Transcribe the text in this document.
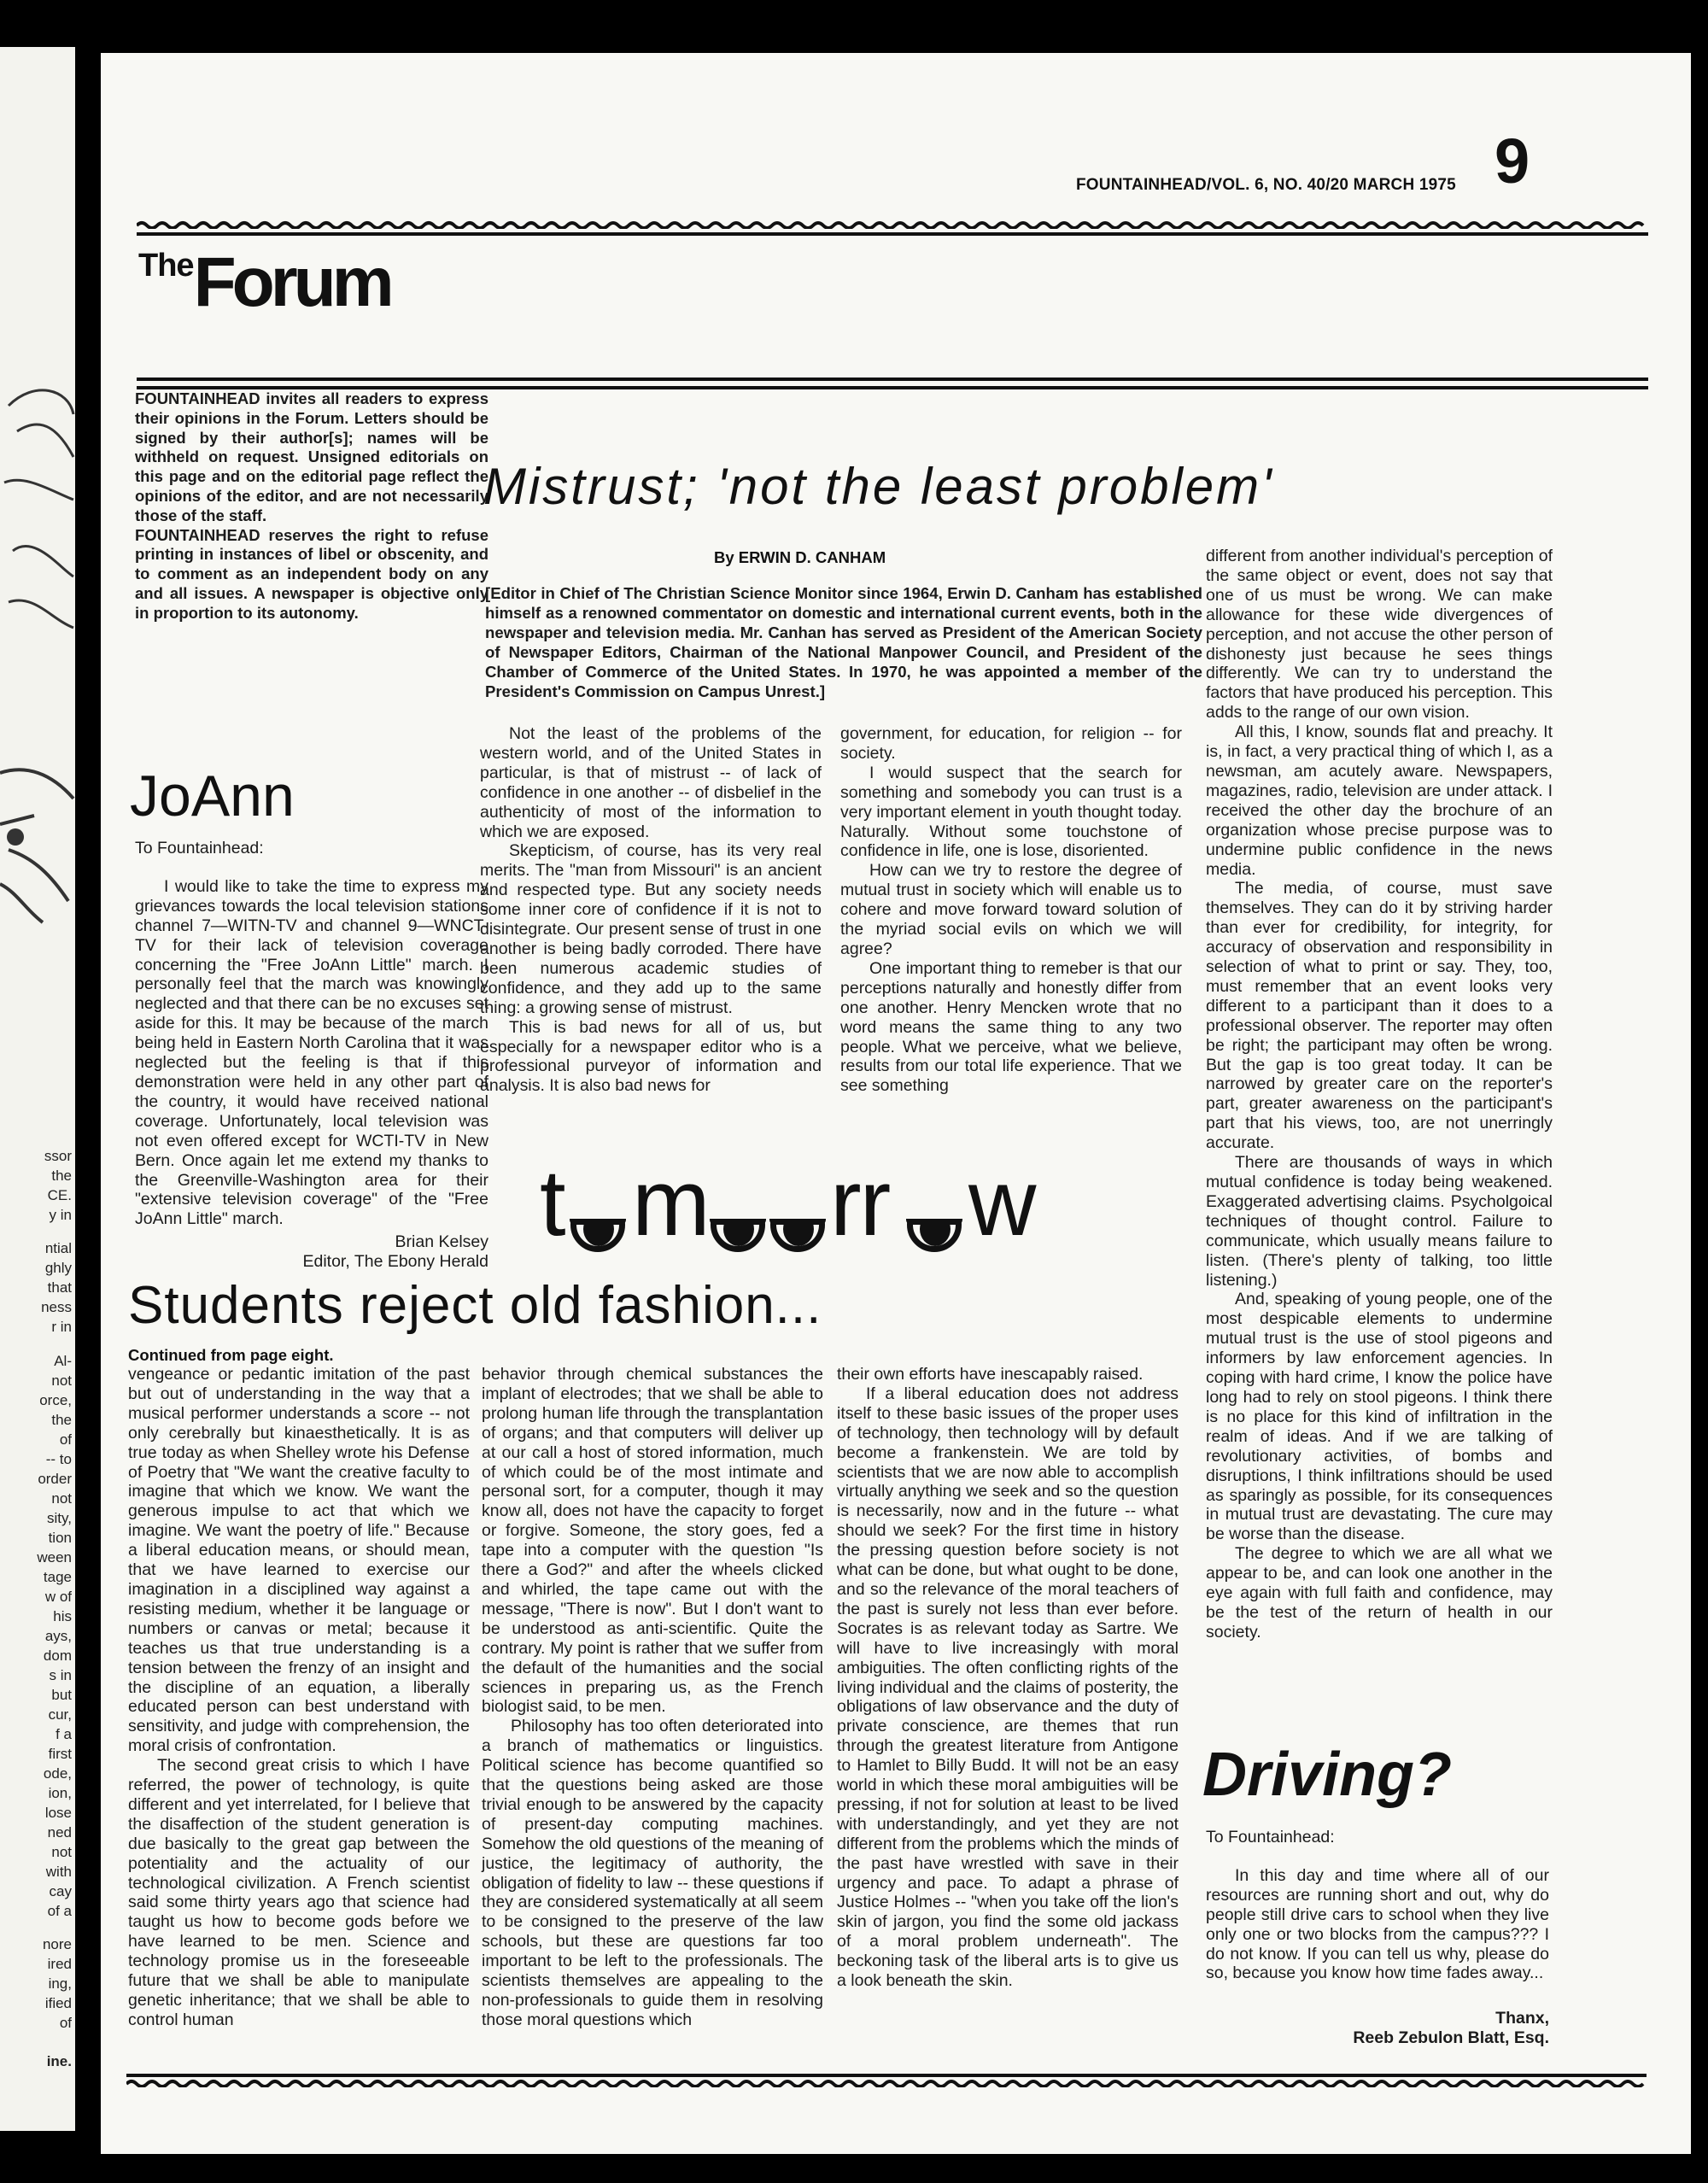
ssor
the
CE.
y in
ntial
ghly
that
ness
r in
Al-
not
orce,
the
of
-- to
order
not
sity,
tion
ween
tage
w of
his
ays,
dom
s in
but
cur,
f a
first
ode,
ion,
lose
ned
not
with
cay
of a
nore
ired
ing,
ified
of
ine.
FOUNTAINHEAD/VOL. 6, NO. 40/20 MARCH 1975 9
TheForum

FOUNTAINHEAD invites all readers to express their opinions in the Forum. Letters should be signed by their author[s]; names will be withheld on request. Unsigned editorials on this page and on the editorial page reflect the opinions of the editor, and are not necessarily those of the staff.

FOUNTAINHEAD reserves the right to refuse printing in instances of libel or obscenity, and to comment as an independent body on any and all issues. A newspaper is objective only in proportion to its autonomy.

JoAnn

To Fountainhead:

I would like to take the time to express my grievances towards the local television stations channel 7—WITN-TV and channel 9—WNCT-TV for their lack of television coverage concerning the "Free JoAnn Little" march. I personally feel that the march was knowingly neglected and that there can be no excuses set aside for this. It may be because of the march being held in Eastern North Carolina that it was neglected but the feeling is that if this demonstration were held in any other part of the country, it would have received national coverage. Unfortunately, local television was not even offered except for WCTI-TV in New Bern. Once again let me extend my thanks to the Greenville-Washington area for their "extensive television coverage" of the "Free JoAnn Little" march.

Brian Kelsey
Editor, The Ebony Herald
Mistrust; 'not the least problem'
By ERWIN D. CANHAM

[Editor in Chief of The Christian Science Monitor since 1964, Erwin D. Canham has established himself as a renowned commentator on domestic and international current events, both in the newspaper and television media. Mr. Canhan has served as President of the American Society of Newspaper Editors, Chairman of the National Manpower Council, and President of the Chamber of Commerce of the United States. In 1970, he was appointed a member of the President's Commission on Campus Unrest.]

Not the least of the problems of the western world, and of the United States in particular, is that of mistrust -- of lack of confidence in one another -- of disbelief in the authenticity of most of the information to which we are exposed.

Skepticism, of course, has its very real merits. The "man from Missouri" is an ancient and respected type. But any society needs some inner core of confidence if it is not to disintegrate. Our present sense of trust in one another is being badly corroded. There have been numerous academic studies of confidence, and they add up to the same thing: a growing sense of mistrust.

This is bad news for all of us, but especially for a newspaper editor who is a professional purveyor of information and analysis. It is also bad news for

government, for education, for religion -- for society.

I would suspect that the search for something and somebody you can trust is a very important element in youth thought today. Naturally. Without some touchstone of confidence in life, one is lose, disoriented.

How can we try to restore the degree of mutual trust in society which will enable us to cohere and move forward toward solution of the myriad social evils on which we will agree?

One important thing to remeber is that our perceptions naturally and honestly differ from one another. Henry Mencken wrote that no word means the same thing to any two people. What we perceive, what we believe, results from our total life experience. That we see something

different from another individual's perception of the same object or event, does not say that one of us must be wrong. We can make allowance for these wide divergences of perception, and not accuse the other person of dishonesty just because he sees things differently. We can try to understand the factors that have produced his perception. This adds to the range of our own vision.

All this, I know, sounds flat and preachy. It is, in fact, a very practical thing of which I, as a newsman, am acutely aware. Newspapers, magazines, radio, television are under attack. I received the other day the brochure of an organization whose precise purpose was to undermine public confidence in the news media.

The media, of course, must save themselves. They can do it by striving harder than ever for credibility, for integrity, for accuracy of observation and responsibility in selection of what to print or say. They, too, must remember that an event looks very different to a participant than it does to a professional observer. The reporter may often be right; the participant may often be wrong. But the gap is too great today. It can be narrowed by greater care on the reporter's part, greater awareness on the participant's part that his views, too, are not unerringly accurate.

There are thousands of ways in which mutual confidence is today being weakened. Exaggerated advertising claims. Psycholgoical techniques of thought control. Failure to communicate, which usually means failure to listen. (There's plenty of talking, too little listening.)

And, speaking of young people, one of the most despicable elements to undermine mutual trust is the use of stool pigeons and informers by law enforcement agencies. In coping with hard crime, I know the police have long had to rely on stool pigeons. I think there is no place for this kind of infiltration in the realm of ideas. And if we are talking of revolutionary activities, of bombs and disruptions, I think infiltrations should be used as sparingly as possible, for its consequences in mutual trust are devastating. The cure may be worse than the disease.

The degree to which we are all what we appear to be, and can look one another in the eye again with full faith and confidence, may be the test of the return of health in our society.

t m rr w
Students reject old fashion...
Continued from page eight.

vengeance or pedantic imitation of the past but out of understanding in the way that a musical performer understands a score -- not only cerebrally but kinaesthetically. It is as true today as when Shelley wrote his Defense of Poetry that "We want the creative faculty to imagine that which we know. We want the generous impulse to act that which we imagine. We want the poetry of life." Because a liberal education means, or should mean, that we have learned to exercise our imagination in a disciplined way against a resisting medium, whether it be language or numbers or canvas or metal; because it teaches us that true understanding is a tension between the frenzy of an insight and the discipline of an equation, a liberally educated person can best understand with sensitivity, and judge with comprehension, the moral crisis of confrontation.

The second great crisis to which I have referred, the power of technology, is quite different and yet interrelated, for I believe that the disaffection of the student generation is due basically to the great gap between the potentiality and the actuality of our technological civilization. A French scientist said some thirty years ago that science had taught us how to become gods before we have learned to be men. Science and technology promise us in the foreseeable future that we shall be able to manipulate genetic inheritance; that we shall be able to control human

behavior through chemical substances the implant of electrodes; that we shall be able to prolong human life through the transplantation of organs; and that computers will deliver up at our call a host of stored information, much of which could be of the most intimate and personal sort, for a computer, though it may know all, does not have the capacity to forget or forgive. Someone, the story goes, fed a tape into a computer with the question "Is there a God?" and after the wheels clicked and whirled, the tape came out with the message, "There is now". But I don't want to be understood as anti-scientific. Quite the contrary. My point is rather that we suffer from the default of the humanities and the social sciences in preparing us, as the French biologist said, to be men.

Philosophy has too often deteriorated into a branch of mathematics or linguistics. Political science has become quantified so that the questions being asked are those trivial enough to be answered by the capacity of present-day computing machines. Somehow the old questions of the meaning of justice, the legitimacy of authority, the obligation of fidelity to law -- these questions if they are considered systematically at all seem to be consigned to the preserve of the law schools, but these are questions far too important to be left to the professionals. The scientists themselves are appealing to the non-professionals to guide them in resolving those moral questions which

their own efforts have inescapably raised.

If a liberal education does not address itself to these basic issues of the proper uses of technology, then technology will by default become a frankenstein. We are told by scientists that we are now able to accomplish virtually anything we seek and so the question is necessarily, now and in the future -- what should we seek? For the first time in history the pressing question before society is not what can be done, but what ought to be done, and so the relevance of the moral teachers of the past is surely not less than ever before. Socrates is as relevant today as Sartre. We will have to live increasingly with moral ambiguities. The often conflicting rights of the living individual and the claims of posterity, the obligations of law observance and the duty of private conscience, are themes that run through the greatest literature from Antigone to Hamlet to Billy Budd. It will not be an easy world in which these moral ambiguities will be pressing, if not for solution at least to be lived with understandingly, and yet they are not different from the problems which the minds of the past have wrestled with save in their urgency and pace. To adapt a phrase of Justice Holmes -- "when you take off the lion's skin of jargon, you find the some old jackass of a moral problem underneath". The beckoning task of the liberal arts is to give us a look beneath the skin.

Driving?

To Fountainhead:

In this day and time where all of our resources are running short and out, why do people still drive cars to school when they live only one or two blocks from the campus??? I do not know. If you can tell us why, please do so, because you know how time fades away...

Thanx,
Reeb Zebulon Blatt, Esq.
